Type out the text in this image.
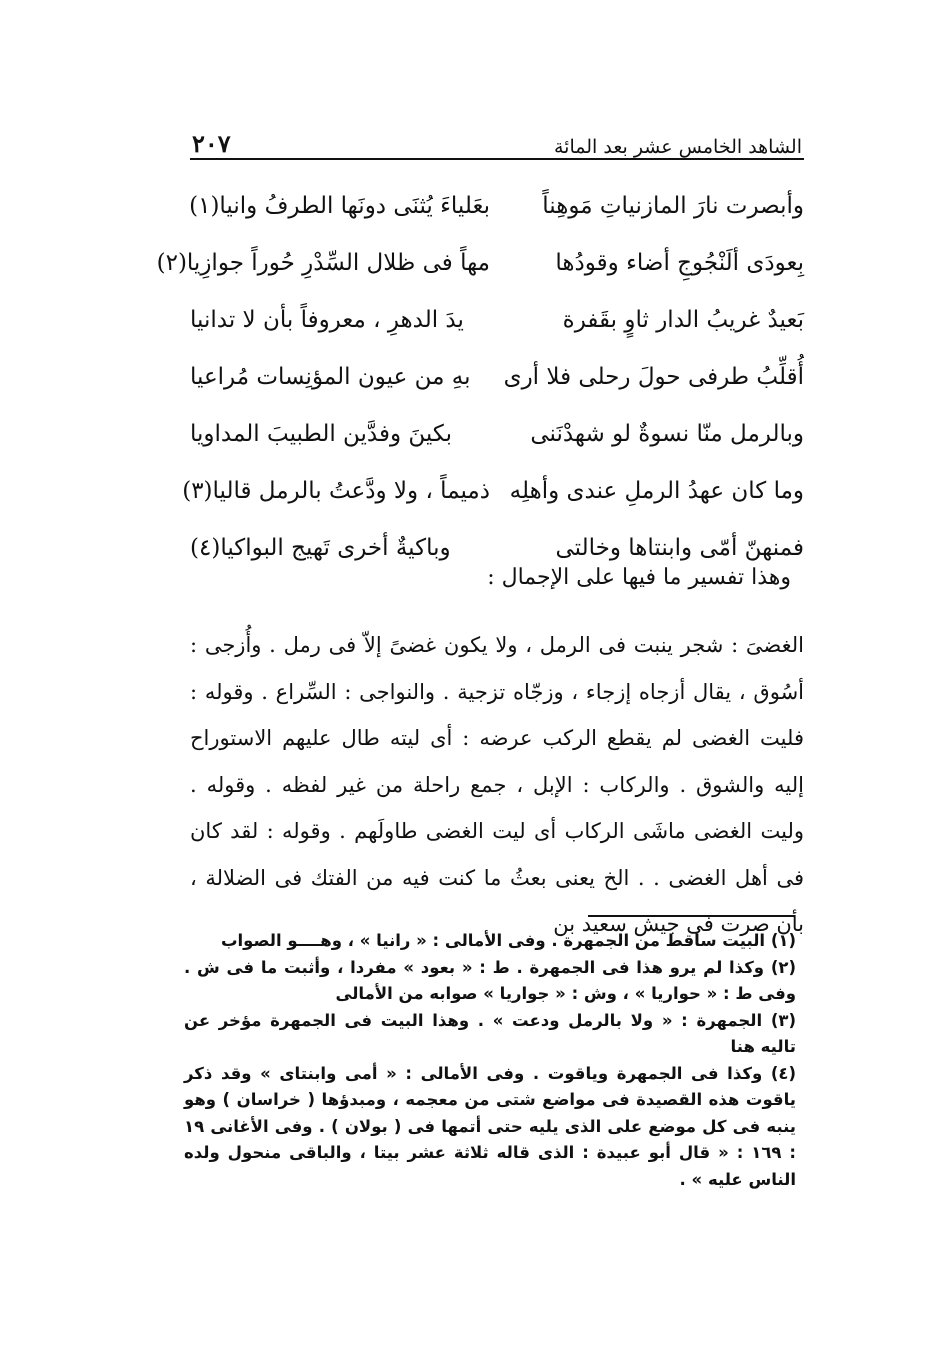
الشاهد الخامس عشر بعد المائة
٢٠٧
وأبصرت نارَ المازنياتِ مَوهِناً
بعَلياءَ يُثنَى دونَها الطرفُ وانيا(١)
بِعودَى ألَنْجُوجِ أضاء وقودُها
مهاً فى ظلال السِّدْرِ حُوراً جوازِيا(٢)
بَعيدٌ غريبُ الدار ثاوٍ بقَفرة
يدَ الدهرِ ، معروفاً بأن لا تدانيا
أُقلِّبُ طرفى حولَ رحلى فلا أرى
بهِ من عيون المؤنِسات مُراعيا
وبالرمل منّا نسوةٌ لو شهدْنَنى
بكينَ وفدَّين الطبيبَ المداويا
وما كان عهدُ الرملِ عندى وأهلِه
ذميماً ، ولا ودَّعتُ بالرمل قاليا(٣)
فمنهنّ أمّى وابنتاها وخالتى
وباكيةٌ أخرى تَهيج البواكيا(٤)
وهذا تفسير ما فيها على الإجمال :

الغضىَ : شجر ينبت فى الرمل ، ولا يكون غضىً إلاّ فى رمل . وأُزجى : أسُوق ، يقال أزجاه إزجاء ، وزجّاه تزجية . والنواجى : السِّراع . وقوله : فليت الغضى لم يقطع الركب عرضه : أى ليته طال عليهم الاستوراح إليه والشوق . والركاب : الإبل ، جمع راحلة من غير لفظه . وقوله . وليت الغضى ماشَى الركاب أى ليت الغضى طاولَهم . وقوله : لقد كان فى أهل الغضى . . الخ يعنى بعثُ ما كنت فيه من الفتك فى الضلالة ، بأن صرت فى جيش سعيد بن

(١) البيت ساقط من الجمهرة . وفى الأمالى : « رانيا » ، وهــــو الصواب

(٢) وكذا لم يرو هذا فى الجمهرة . ط : « بعود » مفردا ، وأثبت ما فى ش . وفى ط : « حواريا » ، وش : « جواريا » صوابه من الأمالى

(٣) الجمهرة : « ولا بالرمل ودعت » . وهذا البيت فى الجمهرة مؤخر عن تاليه هنا

(٤) وكذا فى الجمهرة وياقوت . وفى الأمالى : « أمى وابنتاى » وقد ذكر ياقوت هذه القصيدة فى مواضع شتى من معجمه ، ومبدؤها ( خراسان ) وهو ينبه فى كل موضع على الذى يليه حتى أتمها فى ( بولان ) . وفى الأغانى ١٩ : ١٦٩ : « قال أبو عبيدة : الذى قاله ثلاثة عشر بيتا ، والباقى منحول ولده الناس عليه » .
